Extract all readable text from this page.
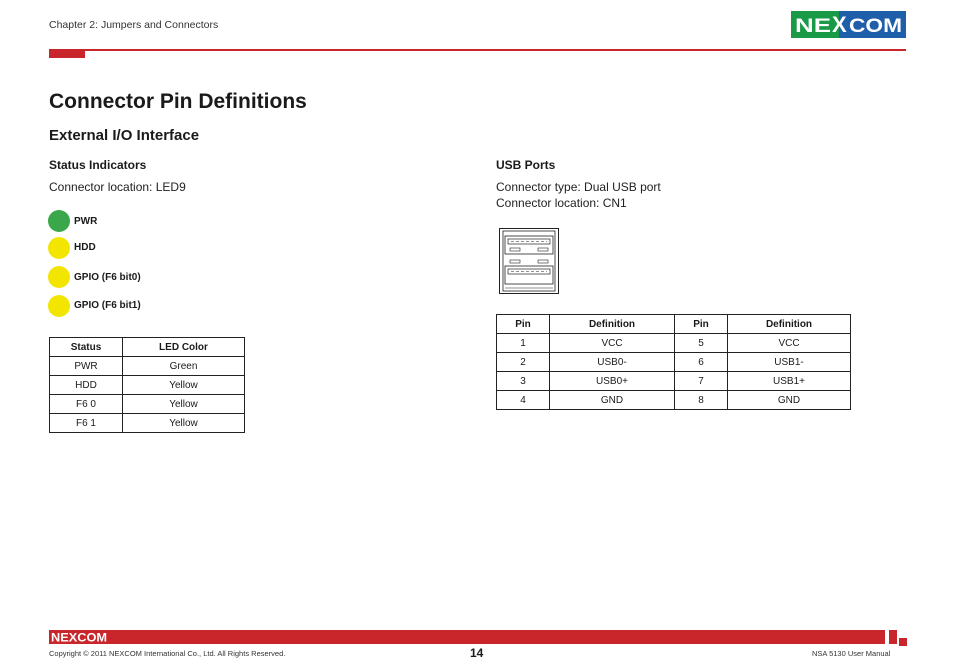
Chapter 2: Jumpers and Connectors	NE X COM
Connector Pin Definitions
External I/O Interface
Status Indicators
Connector location: LED9
PWR
HDD
GPIO (F6 bit0)
GPIO (F6 bit1)
Status	LED Color
PWR	Green
HDD	Yellow
F6 0	Yellow
F6 1	Yellow
USB Ports
Connector type: Dual USB port
Connector location: CN1
Pin	Definition	Pin	Definition
1	VCC	5	VCC
2	USB0-	6	USB1-
3	USB0+	7	USB1+
4	GND	8	GND
NEXCOM
Copyright © 2011 NEXCOM International Co., Ltd. All Rights Reserved.	14	NSA 5130 User Manual
